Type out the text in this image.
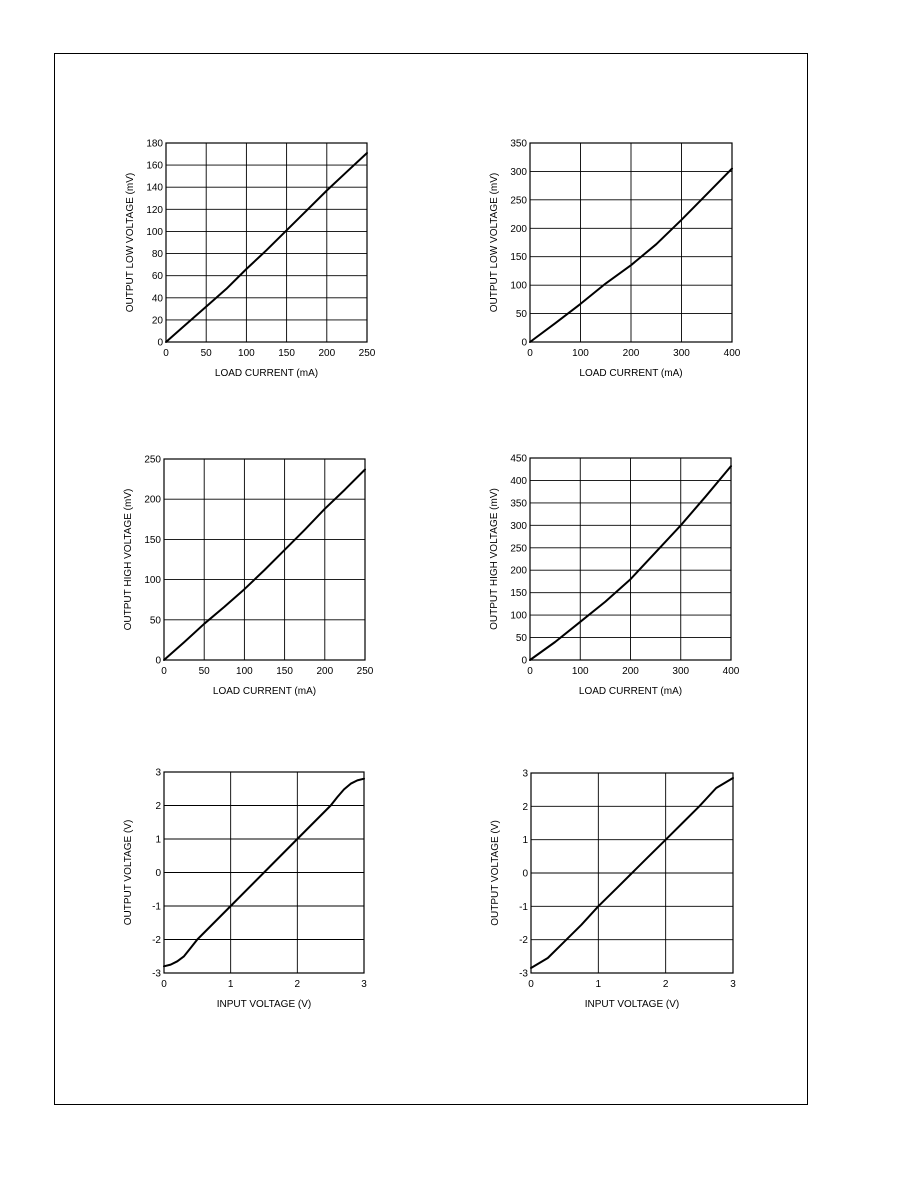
0	50	100 150 200 250
0
20
40
60
80
100
120
140
160
180
LOAD CURRENT (mA)
OUTPUT LOW VOLTAGE (mV)
0	100	200	300	400
0
50
100
150
200
250
300
350
LOAD CURRENT (mA)
OUTPUT LOW VOLTAGE (mV)
0	50	100 150 200 250
0
50
100
150
200
250
LOAD CURRENT (mA)
OUTPUT HIGH VOLTAGE (mV)
0	100	200	300	400
0
50
100
150
200
250
300
350
400
450
LOAD CURRENT (mA)
OUTPUT HIGH VOLTAGE (mV)
0	1	2	3
-3
-2
-1
0
1
2
3
INPUT VOLTAGE (V)
OUTPUT VOLTAGE (V)
0	1	2	3
-3
-2
-1
0
1
2
3
INPUT VOLTAGE (V)
OUTPUT VOLTAGE (V)
